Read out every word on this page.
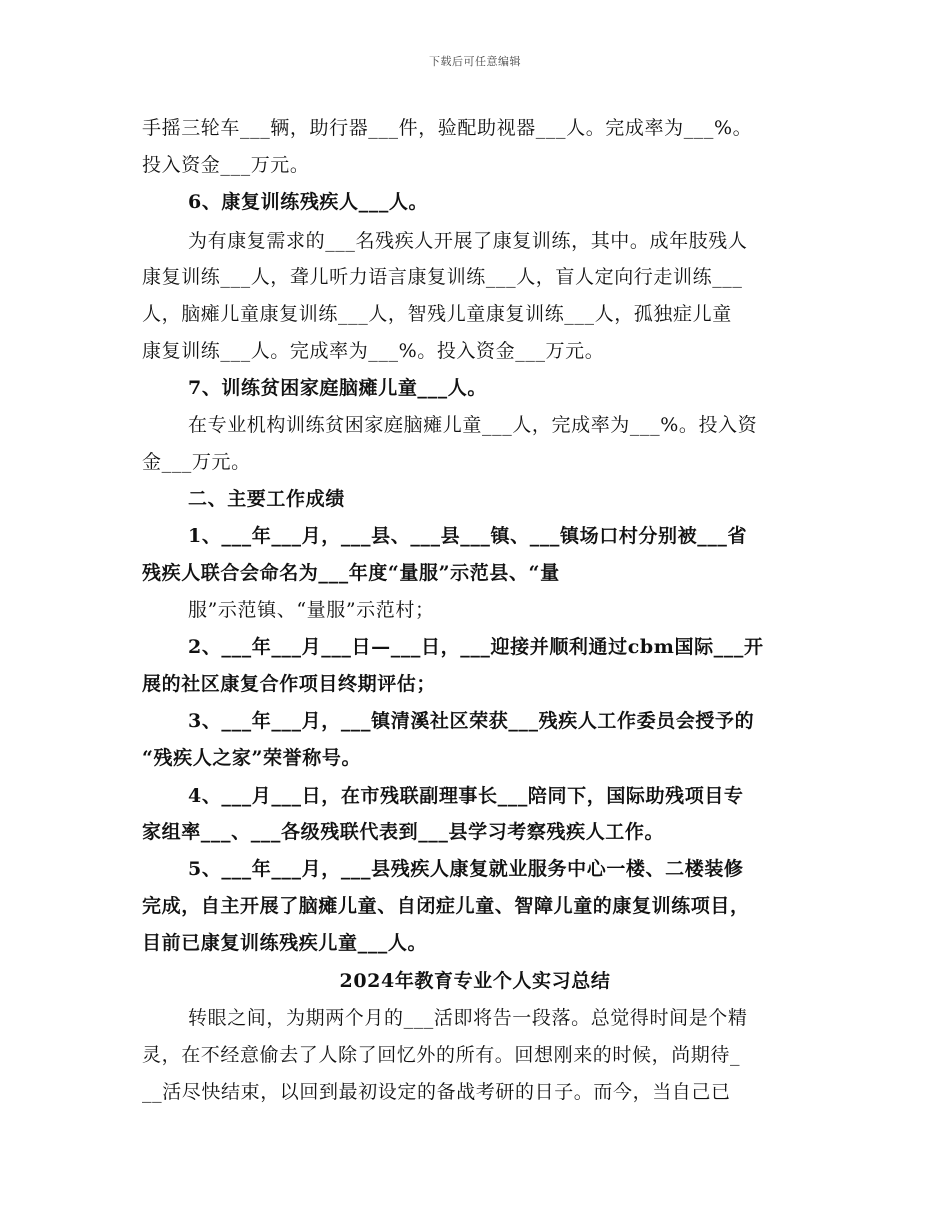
下载后可任意编辑
手摇三轮车___辆，助行器___件，验配助视器___人。完成率为___%。
投入资金___万元。
6、康复训练残疾人___人。
为有康复需求的___名残疾人开展了康复训练，其中。成年肢残人
康复训练___人，聋儿听力语言康复训练___人，盲人定向行走训练___
人，脑瘫儿童康复训练___人，智残儿童康复训练___人，孤独症儿童
康复训练___人。完成率为___%。投入资金___万元。
7、训练贫困家庭脑瘫儿童___人。
在专业机构训练贫困家庭脑瘫儿童___人，完成率为___%。投入资
金___万元。
二、主要工作成绩
1、___年___月，___县、___县___镇、___镇场口村分别被___省
残疾人联合会命名为___年度“量服”示范县、“量
服”示范镇、“量服”示范村；
2、___年___月___日—___日，___迎接并顺利通过cbm国际___开
展的社区康复合作项目终期评估；
3、___年___月，___镇清溪社区荣获___残疾人工作委员会授予的
“残疾人之家”荣誉称号。
4、___月___日，在市残联副理事长___陪同下，国际助残项目专
家组率___、___各级残联代表到___县学习考察残疾人工作。
5、___年___月，___县残疾人康复就业服务中心一楼、二楼装修
完成，自主开展了脑瘫儿童、自闭症儿童、智障儿童的康复训练项目，
目前已康复训练残疾儿童___人。
2024年教育专业个人实习总结
转眼之间，为期两个月的___活即将告一段落。总觉得时间是个精
灵，在不经意偷去了人除了回忆外的所有。回想刚来的时候，尚期待_
__活尽快结束，以回到最初设定的备战考研的日子。而今，当自己已
